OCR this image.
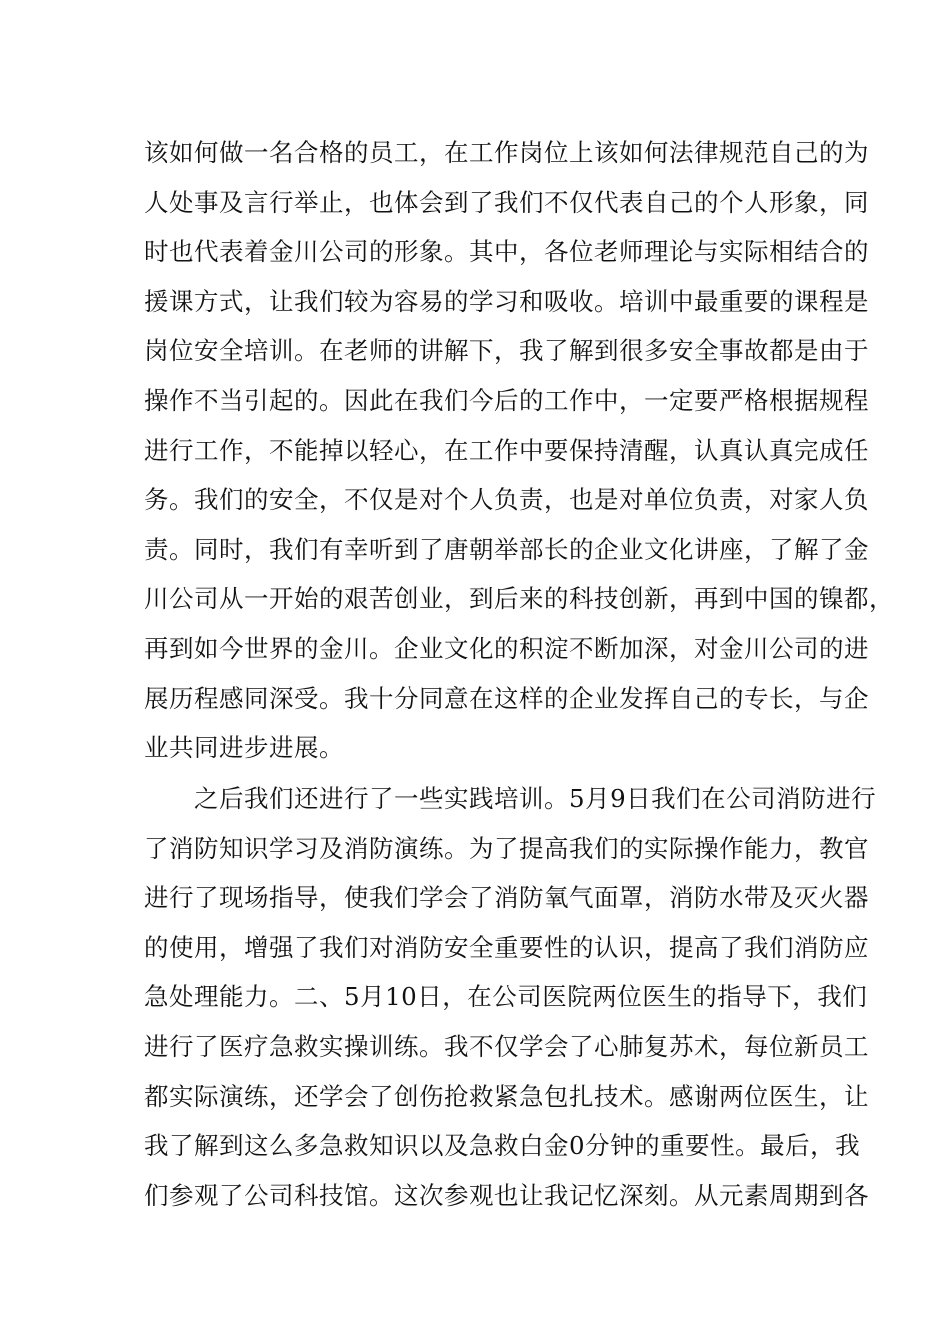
该如何做一名合格的员工，在工作岗位上该如何法律规范自己的为
人处事及言行举止，也体会到了我们不仅代表自己的个人形象，同
时也代表着金川公司的形象。其中，各位老师理论与实际相结合的
援课方式，让我们较为容易的学习和吸收。培训中最重要的课程是
岗位安全培训。在老师的讲解下，我了解到很多安全事故都是由于
操作不当引起的。因此在我们今后的工作中，一定要严格根据规程
进行工作，不能掉以轻心，在工作中要保持清醒，认真认真完成任
务。我们的安全，不仅是对个人负责，也是对单位负责，对家人负
责。同时，我们有幸听到了唐朝举部长的企业文化讲座，了解了金
川公司从一开始的艰苦创业，到后来的科技创新，再到中国的镍都，
再到如今世界的金川。企业文化的积淀不断加深，对金川公司的进
展历程感同深受。我十分同意在这样的企业发挥自己的专长，与企
业共同进步进展。
　　之后我们还进行了一些实践培训。5月9日我们在公司消防进行
了消防知识学习及消防演练。为了提高我们的实际操作能力，教官
进行了现场指导，使我们学会了消防氧气面罩，消防水带及灭火器
的使用，增强了我们对消防安全重要性的认识，提高了我们消防应
急处理能力。二、5月10日，在公司医院两位医生的指导下，我们
进行了医疗急救实操训练。我不仅学会了心肺复苏术，每位新员工
都实际演练，还学会了创伤抢救紧急包扎技术。感谢两位医生，让
我了解到这么多急救知识以及急救白金0分钟的重要性。最后，我
们参观了公司科技馆。这次参观也让我记忆深刻。从元素周期到各
